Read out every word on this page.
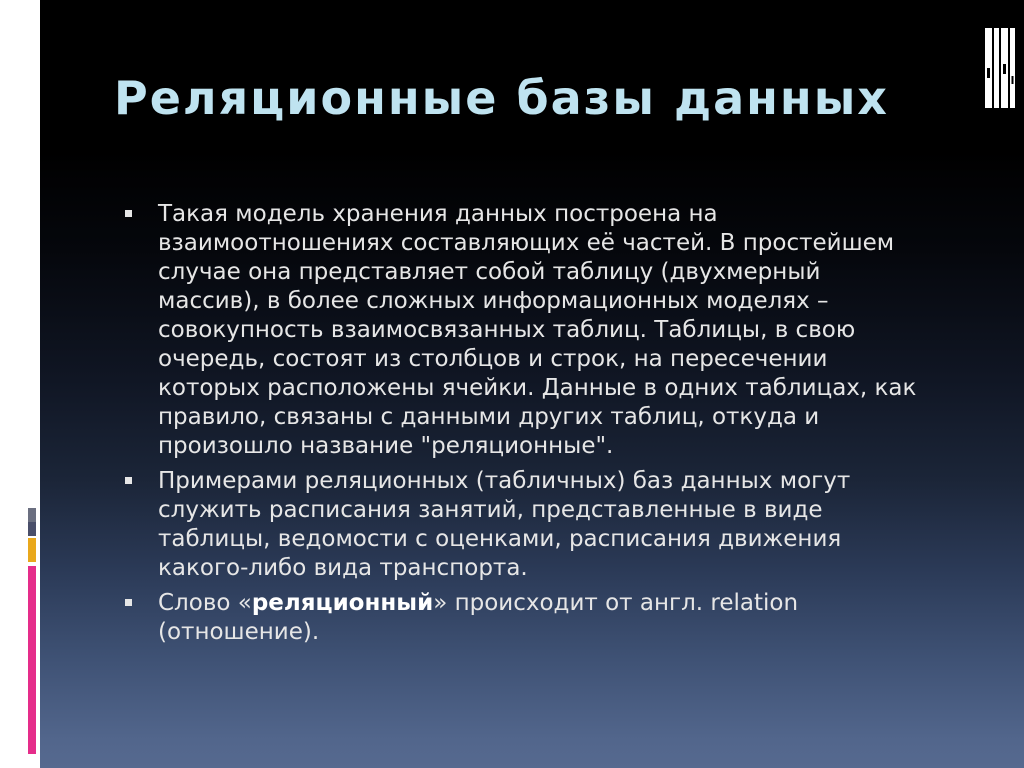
Реляционные базы данных
Такая модель хранения данных построена на взаимоотношениях составляющих её частей. В простейшем случае она представляет собой таблицу (двухмерный массив), в более сложных информационных моделях – совокупность взаимосвязанных таблиц. Таблицы, в свою очередь, состоят из столбцов и строк, на пересечении которых расположены ячейки. Данные в одних таблицах, как правило, связаны с данными других таблиц, откуда и произошло название "реляционные".
Примерами реляционных (табличных) баз данных могут служить расписания занятий, представленные в виде таблицы, ведомости с оценками, расписания движения какого-либо вида транспорта.
Слово «реляционный» происходит от англ. relation (отношение).
